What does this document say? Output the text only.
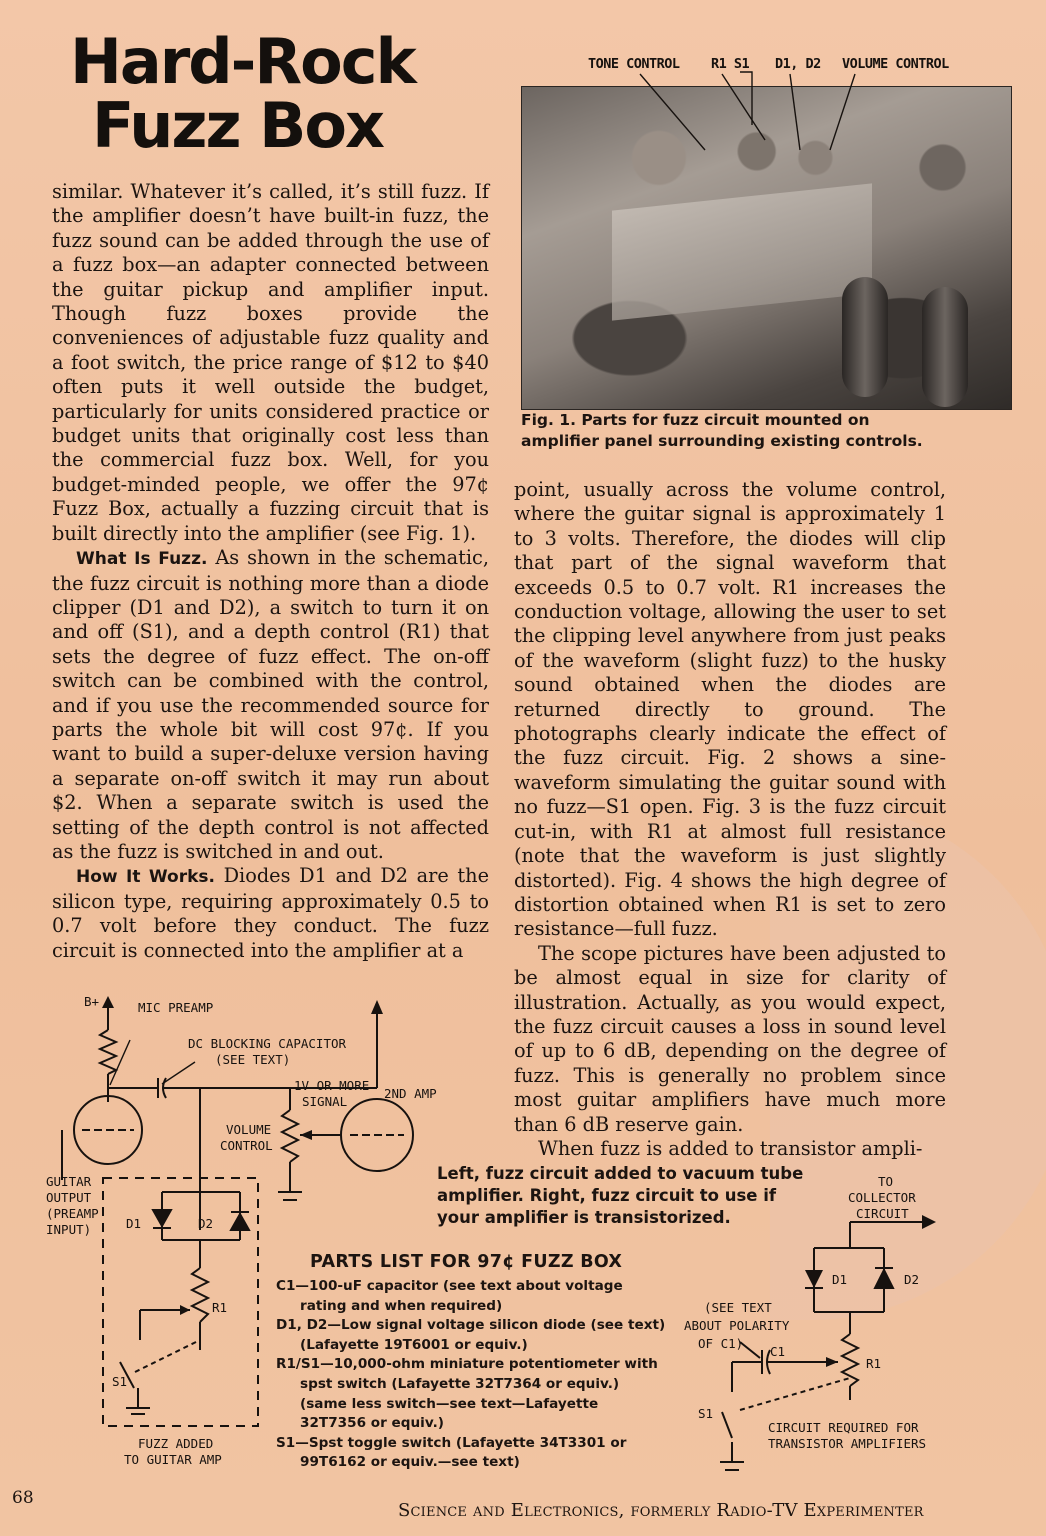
Hard-Rock
Fuzz Box

similar. Whatever it’s called, it’s still fuzz. If the amplifier doesn’t have built-in fuzz, the fuzz sound can be added through the use of a fuzz box—an adapter connected between the guitar pickup and amplifier input. Though fuzz boxes provide the conveniences of adjustable fuzz quality and a foot switch, the price range of $12 to $40 often puts it well outside the budget, particularly for units considered practice or budget units that originally cost less than the commercial fuzz box. Well, for you budget-minded people, we offer the 97¢ Fuzz Box, actually a fuzzing circuit that is built directly into the amplifier (see Fig. 1).

What Is Fuzz. As shown in the schematic, the fuzz circuit is nothing more than a diode clipper (D1 and D2), a switch to turn it on and off (S1), and a depth control (R1) that sets the degree of fuzz effect. The on-off switch can be combined with the control, and if you use the recommended source for parts the whole bit will cost 97¢. If you want to build a super-deluxe version having a separate on-off switch it may run about $2. When a separate switch is used the setting of the depth control is not affected as the fuzz is switched in and out.

How It Works. Diodes D1 and D2 are the silicon type, requiring approximately 0.5 to 0.7 volt before they conduct. The fuzz circuit is connected into the amplifier at a

TONE CONTROL R1 S1 D1, D2 VOLUME CONTROL
Fig. 1. Parts for fuzz circuit mounted on amplifier panel surrounding existing controls.

point, usually across the volume control, where the guitar signal is approximately 1 to 3 volts. Therefore, the diodes will clip that part of the signal waveform that exceeds 0.5 to 0.7 volt. R1 increases the conduction voltage, allowing the user to set the clipping level anywhere from just peaks of the waveform (slight fuzz) to the husky sound obtained when the diodes are returned directly to ground. The photographs clearly indicate the effect of the fuzz circuit. Fig. 2 shows a sine-waveform simulating the guitar sound with no fuzz—S1 open. Fig. 3 is the fuzz circuit cut-in, with R1 at almost full resistance (note that the waveform is just slightly distorted). Fig. 4 shows the high degree of distortion obtained when R1 is set to zero resistance—full fuzz.

The scope pictures have been adjusted to be almost equal in size for clarity of illustration. Actually, as you would expect, the fuzz circuit causes a loss in sound level of up to 6 dB, depending on the degree of fuzz. This is generally no problem since most guitar amplifiers have much more than 6 dB reserve gain.

When fuzz is added to transistor ampli-

B+	MIC PREAMP
DC BLOCKING CAPACITOR
(SEE TEXT)
1V OR MORE
SIGNAL
2ND AMP
VOLUME
CONTROL
GUITAR
OUTPUT
(PREAMP
INPUT)	D1	D2
R1
S1
FUZZ ADDED
TO GUITAR AMP
Left, fuzz circuit added to vacuum tube amplifier. Right, fuzz circuit to use if your amplifier is transistorized.
TO
COLLECTOR
CIRCUIT
D1	D2
(SEE TEXT
ABOUT POLARITY
OF C1)
C1
R1
S1
CIRCUIT REQUIRED FOR
TRANSISTOR AMPLIFIERS
PARTS LIST FOR 97¢ FUZZ BOX
C1—100-uF capacitor (see text about voltage rating and when required)
D1, D2—Low signal voltage silicon diode (see text) (Lafayette 19T6001 or equiv.)
R1/S1—10,000-ohm miniature potentiometer with spst switch (Lafayette 32T7364 or equiv.) (same less switch—see text—Lafayette 32T7356 or equiv.)
S1—Spst toggle switch (Lafayette 34T3301 or 99T6162 or equiv.—see text)
68
Science and Electronics, formerly Radio-TV Experimenter
